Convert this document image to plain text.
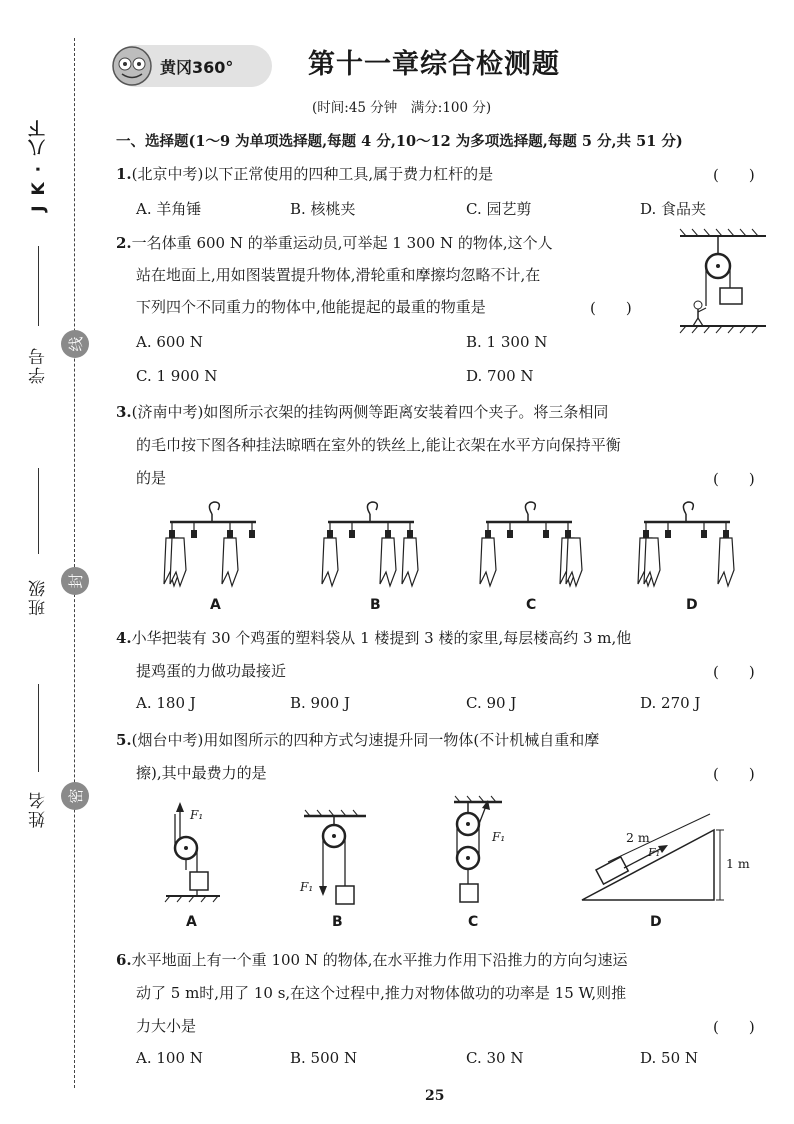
J K · 八下
学号
班级
姓名
线
封
密
黄冈360°	第十一章综合检测题
(时间:45 分钟　满分:100 分)
一、选择题(1～9 为单项选择题,每题 4 分,10～12 为多项选择题,每题 5 分,共 51 分)
1.(北京中考)以下正常使用的四种工具,属于费力杠杆的是	(　　)
A. 羊角锤	B. 核桃夹	C. 园艺剪	D. 食品夹
2.一名体重 600 N 的举重运动员,可举起 1 300 N 的物体,这个人
站在地面上,用如图装置提升物体,滑轮重和摩擦均忽略不计,在
下列四个不同重力的物体中,他能提起的最重的物重是	(　　)
A. 600 N	B. 1 300 N
C. 1 900 N	D. 700 N
3.(济南中考)如图所示衣架的挂钩两侧等距离安装着四个夹子。将三条相同
的毛巾按下图各种挂法晾晒在室外的铁丝上,能让衣架在水平方向保持平衡
的是	(　　)
A	B	C	D
4.小华把装有 30 个鸡蛋的塑料袋从 1 楼提到 3 楼的家里,每层楼高约 3 m,他
提鸡蛋的力做功最接近	(　　)
A. 180 J	B. 900 J	C. 90 J	D. 270 J
5.(烟台中考)用如图所示的四种方式匀速提升同一物体(不计机械自重和摩
擦),其中最费力的是	(　　)
F₁
A
F₁
B
F₁
C
2 m
F₁
1 m
D
6.水平地面上有一个重 100 N 的物体,在水平推力作用下沿推力的方向匀速运
动了 5 m时,用了 10 s,在这个过程中,推力对物体做功的功率是 15 W,则推
力大小是	(　　)
A. 100 N	B. 500 N	C. 30 N	D. 50 N
25
